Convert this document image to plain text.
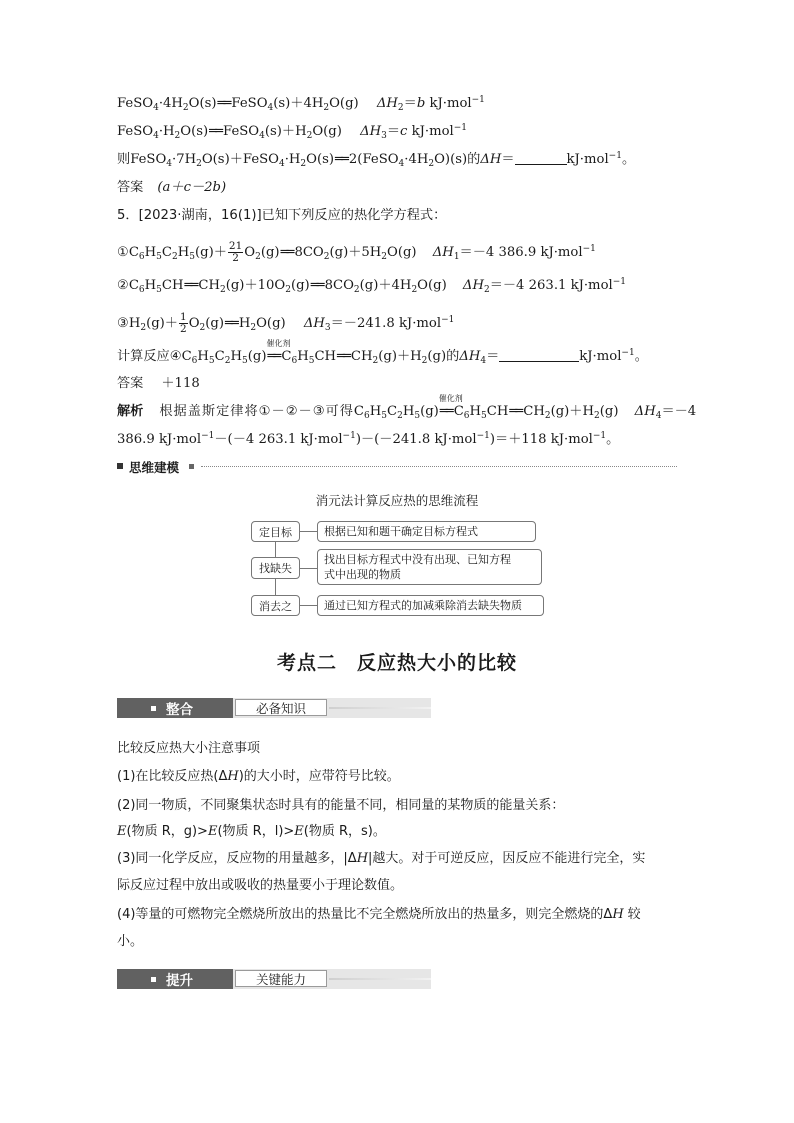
$FeSO_4\cdot 4H_2O(s)══$ $FeSO_4(s)+4H_2O(g)$ $\Delta H_2=b$ kJ·mol$^{-1}$
$FeSO_4\cdot H_2O(s)══$ $FeSO_4(s)+H_2O(g)$ $\Delta H_3=c$ kJ·mol$^{-1}$
则$FeSO_4\cdot 7H_2O(s)+FeSO_4\cdot H_2O(s)══$ $2(FeSO_4\cdot 4H_2O)(s)$的ΔH＝	kJ·mol$^{-1}$。
答案 (a＋c－2b)
5．[2023·湖南，16(1)]已知下列反应的热化学方程式：
$①C_6H_5C_2H_5(g)+ \frac{21}{2}$ $O_2(g)══$ $8CO_2(g)+5H_2O(g)$ $\Delta H_1=-4$ 386.9 kJ·mol$^{-1}$
$②C_6H_5CH══$ $CH_2(g)+10O_2(g)══$ $8CO_2(g)+4H_2O(g)$ $\Delta H_2=-4$ 263.1 kJ·mol$^{-1}$
$③H_2(g)+ \frac{1}{2}$ $O_2(g)══$ $H_2O(g)$ $\Delta H_3=-241.8$ kJ·mol$^{-1}$
计算反应$④C_6H_5C_2H_5(g)$
催化剂
══ $C_6H_5CH══$ $CH_2(g)+H_2(g)$的$\Delta H_4=$	kJ·mol$^{-1}$。
答案 ＋118
解析 根据盖斯定律将①－②－③可得$C_6H_5C_2H_5(g)$
催化剂
══ $C_6H_5CH══$ $CH_2(g)+H_2(g)$ $\Delta H_4=-4$
386.9 kJ·mol$^{-1}$－(－4 263.1 kJ·mol$^{-1}$)－(－241.8 kJ·mol$^{-1}$)＝＋118 kJ·mol$^{-1}$。
思维建模
消元法计算反应热的思维流程
定目标	根据已知和题干确定目标方程式
找缺失
找出目标方程式中没有出现、已知方程
式中出现的物质
消去之	通过已知方程式的加减乘除消去缺失物质
考点二　反应热大小的比较
整合	必备知识
比较反应热大小注意事项
(1)在比较反应热(ΔH)的大小时，应带符号比较。
(2)同一物质，不同聚集状态时具有的能量不同，相同量的某物质的能量关系：
E(物质 R，g)>E(物质 R，l)>E(物质 R，s)。
(3)同一化学反应，反应物的用量越多，|ΔH|越大。对于可逆反应，因反应不能进行完全，实
际反应过程中放出或吸收的热量要小于理论数值。
(4)等量的可燃物完全燃烧所放出的热量比不完全燃烧所放出的热量多，则完全燃烧的ΔH 较
小。
提升	关键能力
